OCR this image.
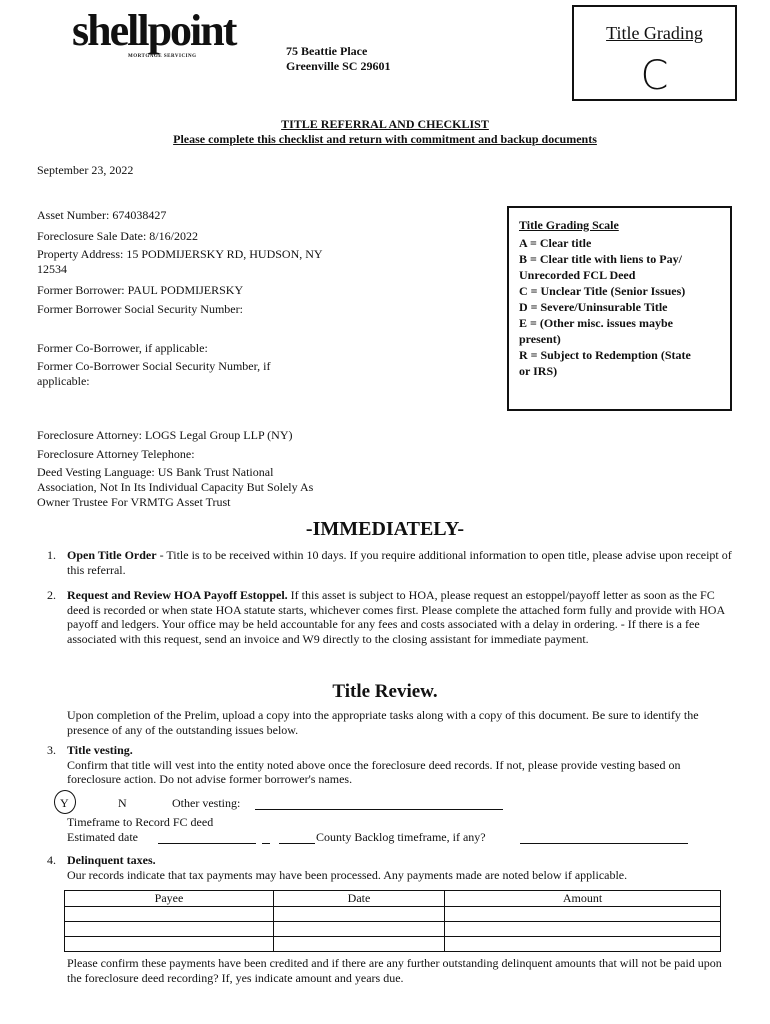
shellpoint
MORTGAGE SERVICING	75 Beattie Place
Greenville SC 29601
Title Grading
C
TITLE REFERRAL AND CHECKLIST
Please complete this checklist and return with commitment and backup documents
September 23, 2022
Asset Number: 674038427
Foreclosure Sale Date: 8/16/2022
Property Address: 15 PODMIJERSKY RD, HUDSON, NY
12534
Former Borrower: PAUL PODMIJERSKY
Former Borrower Social Security Number:
Former Co-Borrower, if applicable:
Former Co-Borrower Social Security Number, if
applicable:
Foreclosure Attorney: LOGS Legal Group LLP (NY)
Foreclosure Attorney Telephone:
Deed Vesting Language: US Bank Trust National
Association, Not In Its Individual Capacity But Solely As
Owner Trustee For VRMTG Asset Trust
Title Grading Scale
A = Clear title
B = Clear title with liens to Pay/
Unrecorded FCL Deed
C = Unclear Title (Senior Issues)
D = Severe/Uninsurable Title
E = (Other misc. issues maybe
present)
R = Subject to Redemption (State
or IRS)
-IMMEDIATELY-
1. Open Title Order - Title is to be received within 10 days. If you require additional information to open title, please advise upon receipt of this referral.
2. Request and Review HOA Payoff Estoppel. If this asset is subject to HOA, please request an estoppel/payoff letter as soon as the FC deed is recorded or when state HOA statute starts, whichever comes first. Please complete the attached form fully and provide with HOA payoff and ledgers. Your office may be held accountable for any fees and costs associated with a delay in ordering. - If there is a fee associated with this request, send an invoice and W9 directly to the closing assistant for immediate payment.
Title Review.
Upon completion of the Prelim, upload a copy into the appropriate tasks along with a copy of this document. Be sure to identify the presence of any of the outstanding issues below.
3. Title vesting.
Confirm that title will vest into the entity noted above once the foreclosure deed records. If not, please provide vesting based on foreclosure action. Do not advise former borrower's names.
Y	N	Other vesting:
Timeframe to Record FC deed
Estimated date	County Backlog timeframe, if any?
4. Delinquent taxes.
Our records indicate that tax payments may have been processed. Any payments made are noted below if applicable.
Payee	Date	Amount

Please confirm these payments have been credited and if there are any further outstanding delinquent amounts that will not be paid upon the foreclosure deed recording? If, yes indicate amount and years due.
